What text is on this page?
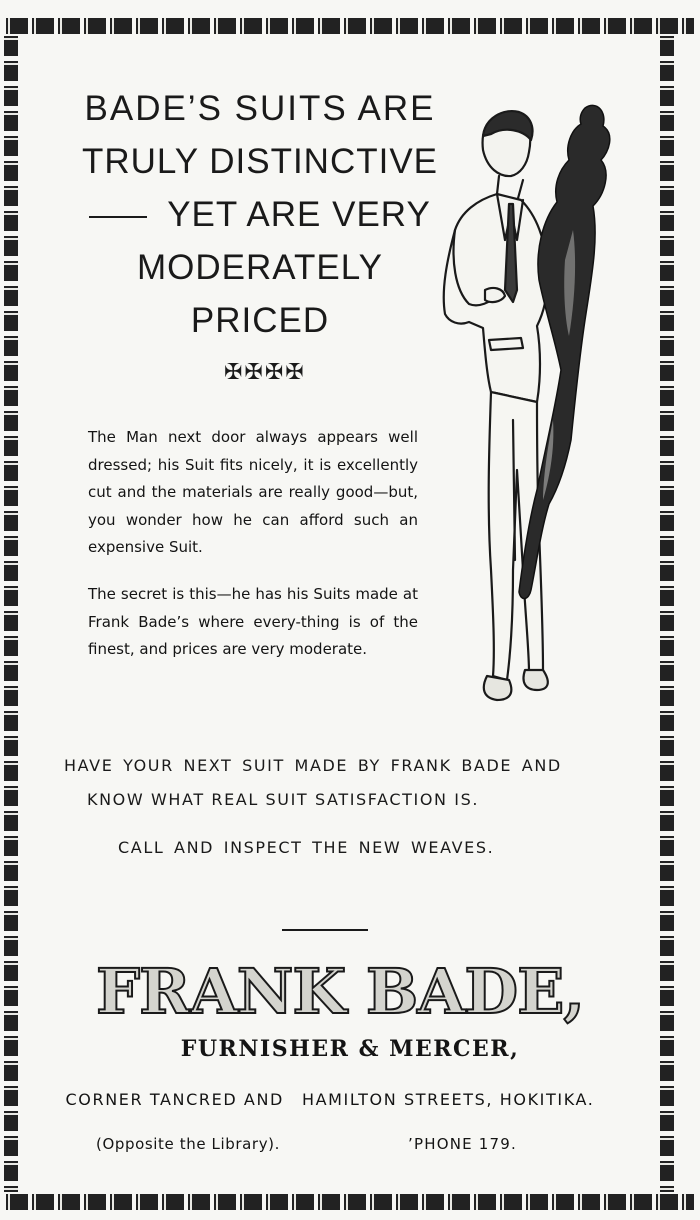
BADE’S SUITS ARE
TRULY DISTINCTIVE
YET ARE VERY
MODERATELY
PRICED
✠✠✠✠

The Man next door always appears well dressed; his Suit fits nicely, it is excellently cut and the materials are really good—but, you wonder how he can afford such an expensive Suit.

The secret is this—he has his Suits made at Frank Bade’s where every-thing is of the finest, and prices are very moderate.

HAVE YOUR NEXT SUIT MADE BY FRANK BADE AND
KNOW WHAT REAL SUIT SATISFACTION IS.
CALL AND INSPECT THE NEW WEAVES.
FRANK BADE,
FURNISHER & MERCER,
CORNER TANCRED AND HAMILTON STREETS, HOKITIKA.
(Opposite the Library).	’PHONE 179.
